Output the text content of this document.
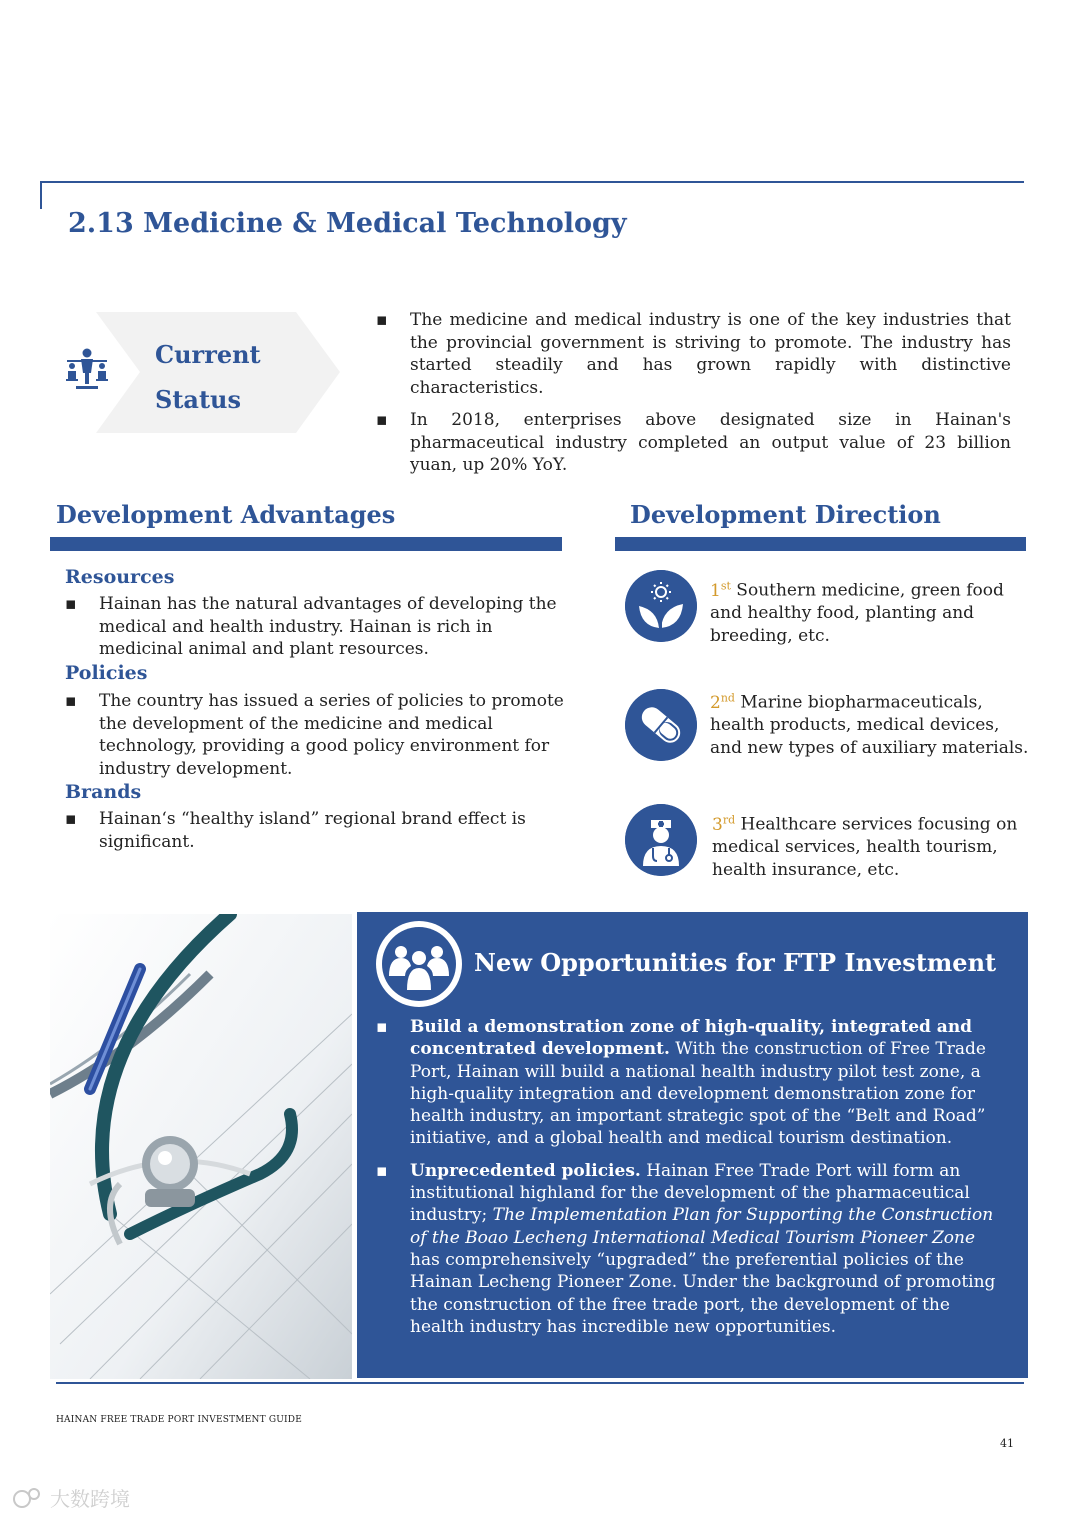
2.13 Medicine & Medical Technology
Current
Status
▪ The medicine and medical industry is one of the key industries that the provincial government is striving to promote. The industry has started steadily and has grown rapidly with distinctive characteristics.
▪ In 2018, enterprises above designated size in Hainan's pharmaceutical industry completed an output value of 23 billion yuan, up 20% YoY.
Development Advantages
Resources
▪ Hainan has the natural advantages of developing the medical and health industry. Hainan is rich in medicinal animal and plant resources.
Policies
▪ The country has issued a series of policies to promote the development of the medicine and medical technology, providing a good policy environment for industry development.
Brands
▪ Hainan‘s “healthy island” regional brand effect is significant.
Development Direction
1st Southern medicine, green food and healthy food, planting and breeding, etc.
2nd Marine biopharmaceuticals, health products, medical devices, and new types of auxiliary materials.
3rd Healthcare services focusing on medical services, health tourism, health insurance, etc.
New Opportunities for FTP Investment
▪ Build a demonstration zone of high-quality, integrated and concentrated development. With the construction of Free Trade Port, Hainan will build a national health industry pilot test zone, a high-quality integration and development demonstration zone for health industry, an important strategic spot of the “Belt and Road” initiative, and a global health and medical tourism destination.
▪ Unprecedented policies. Hainan Free Trade Port will form an institutional highland for the development of the pharmaceutical industry; The Implementation Plan for Supporting the Construction of the Boao Lecheng International Medical Tourism Pioneer Zone has comprehensively “upgraded” the preferential policies of the Hainan Lecheng Pioneer Zone. Under the background of promoting the construction of the free trade port, the development of the health industry has incredible new opportunities.
HAINAN FREE TRADE PORT INVESTMENT GUIDE
41
大数跨境
